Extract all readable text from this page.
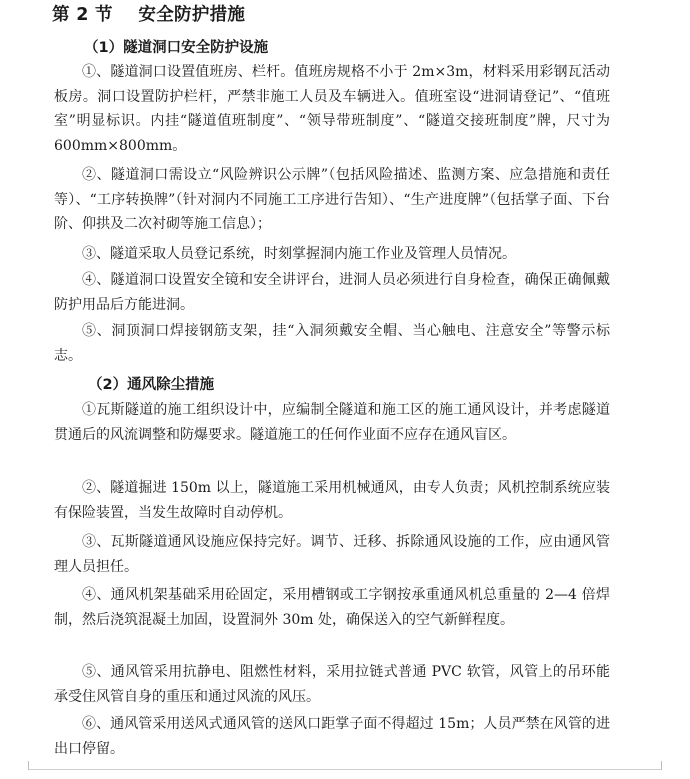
第 2 节    安全防护措施
（1）隧道洞口安全防护设施

①、隧道洞口设置值班房、栏杆。值班房规格不小于 2m×3m，材料采用彩钢瓦活动板房。洞口设置防护栏杆，严禁非施工人员及车辆进入。值班室设“进洞请登记”、“值班室”明显标识。内挂“隧道值班制度”、“领导带班制度”、“隧道交接班制度”牌，尺寸为 600mm×800mm。

②、隧道洞口需设立“风险辨识公示牌”（包括风险描述、监测方案、应急措施和责任等）、“工序转换牌”（针对洞内不同施工工序进行告知）、“生产进度牌”（包括掌子面、下台阶、仰拱及二次衬砌等施工信息）；

③、隧道采取人员登记系统，时刻掌握洞内施工作业及管理人员情况。

④、隧道洞口设置安全镜和安全讲评台，进洞人员必须进行自身检查，确保正确佩戴防护用品后方能进洞。

⑤、洞顶洞口焊接钢筋支架，挂“入洞须戴安全帽、当心触电、注意安全”等警示标志。

（2）通风除尘措施

①瓦斯隧道的施工组织设计中，应编制全隧道和施工区的施工通风设计，并考虑隧道贯通后的风流调整和防爆要求。隧道施工的任何作业面不应存在通风盲区。

②、隧道掘进 150m 以上，隧道施工采用机械通风，由专人负责；风机控制系统应装有保险装置，当发生故障时自动停机。

③、瓦斯隧道通风设施应保持完好。调节、迁移、拆除通风设施的工作，应由通风管理人员担任。

④、通风机架基础采用砼固定，采用槽钢或工字钢按承重通风机总重量的 2—4 倍焊制，然后浇筑混凝土加固，设置洞外 30m 处，确保送入的空气新鲜程度。

⑤、通风管采用抗静电、阻燃性材料，采用拉链式普通 PVC 软管，风管上的吊环能承受住风管自身的重压和通过风流的风压。

⑥、通风管采用送风式通风管的送风口距掌子面不得超过 15m；人员严禁在风管的进出口停留。
